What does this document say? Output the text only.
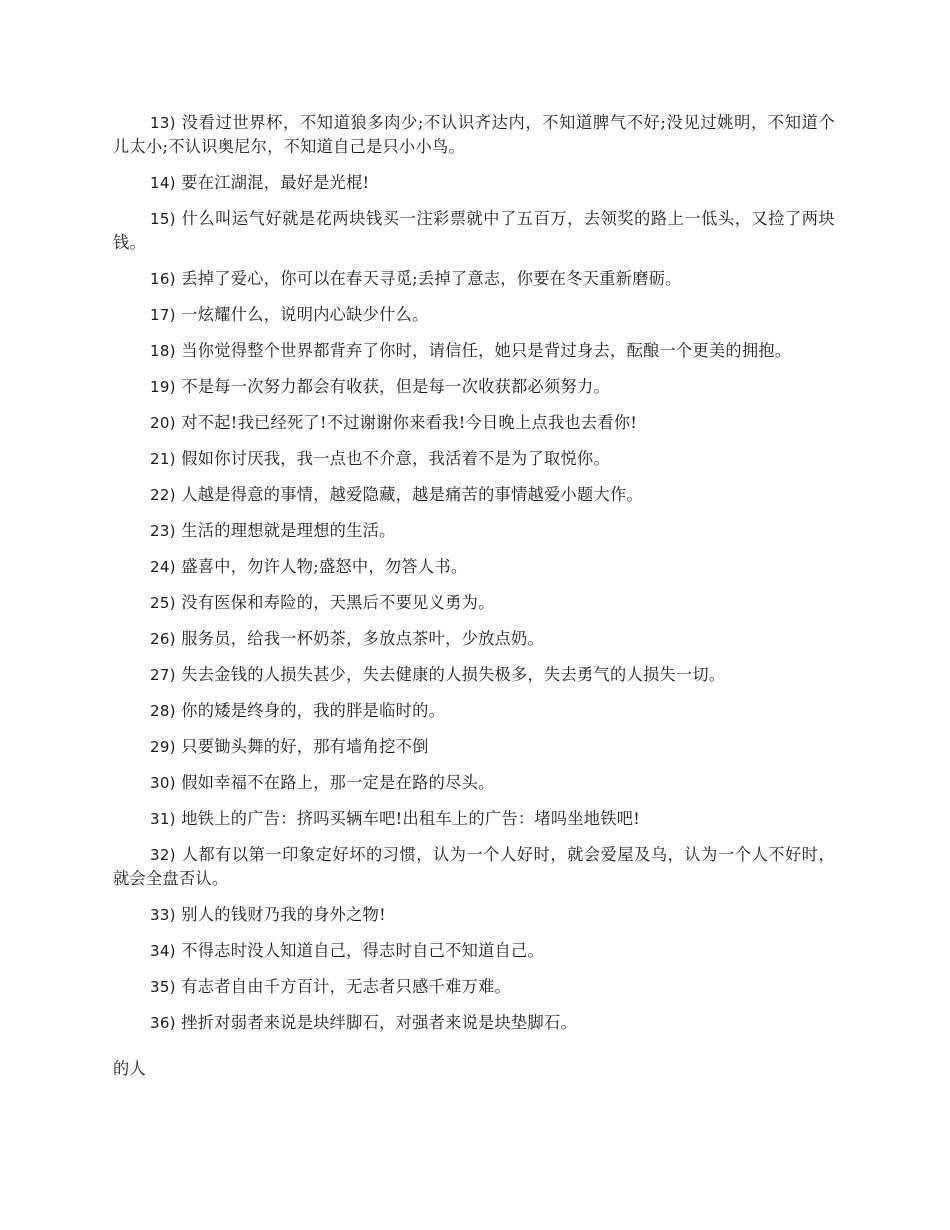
13) 没看过世界杯，不知道狼多肉少;不认识齐达内，不知道脾气不好;没见过姚明，不知道个儿太小;不认识奥尼尔，不知道自己是只小小鸟。
14) 要在江湖混，最好是光棍!
15) 什么叫运气好就是花两块钱买一注彩票就中了五百万，去领奖的路上一低头，又捡了两块钱。
16) 丢掉了爱心，你可以在春天寻觅;丢掉了意志，你要在冬天重新磨砺。
17) 一炫耀什么，说明内心缺少什么。
18) 当你觉得整个世界都背弃了你时，请信任，她只是背过身去，酝酿一个更美的拥抱。
19) 不是每一次努力都会有收获，但是每一次收获都必须努力。
20) 对不起!我已经死了!不过谢谢你来看我!今日晚上点我也去看你!
21) 假如你讨厌我，我一点也不介意，我活着不是为了取悦你。
22) 人越是得意的事情，越爱隐藏，越是痛苦的事情越爱小题大作。
23) 生活的理想就是理想的生活。
24) 盛喜中，勿许人物;盛怒中，勿答人书。
25) 没有医保和寿险的，天黑后不要见义勇为。
26) 服务员，给我一杯奶茶，多放点茶叶，少放点奶。
27) 失去金钱的人损失甚少，失去健康的人损失极多，失去勇气的人损失一切。
28) 你的矮是终身的，我的胖是临时的。
29) 只要锄头舞的好，那有墙角挖不倒
30) 假如幸福不在路上，那一定是在路的尽头。
31) 地铁上的广告：挤吗买辆车吧!出租车上的广告：堵吗坐地铁吧!
32) 人都有以第一印象定好坏的习惯，认为一个人好时，就会爱屋及乌，认为一个人不好时，就会全盘否认。
33) 别人的钱财乃我的身外之物!
34) 不得志时没人知道自己，得志时自己不知道自己。
35) 有志者自由千方百计，无志者只感千难万难。
36) 挫折对弱者来说是块绊脚石，对强者来说是块垫脚石。
的人
